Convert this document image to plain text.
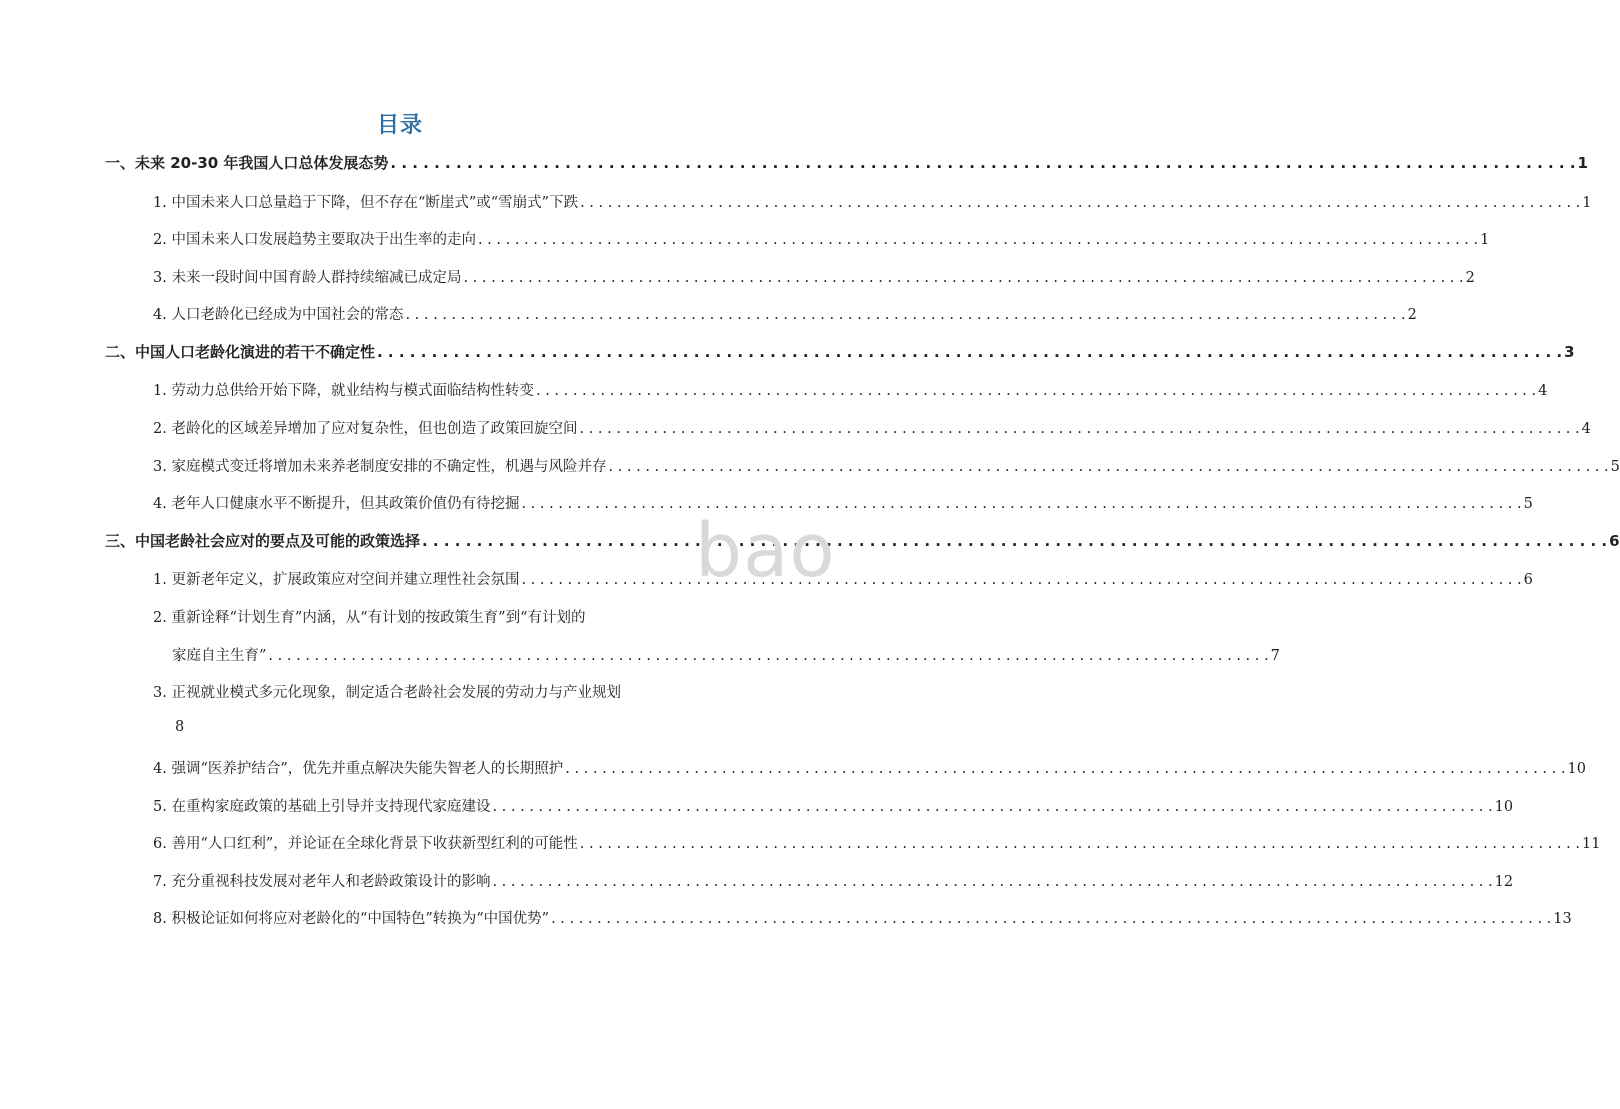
目录
一、未来 20-30 年我国人口总体发展态势 . . .	1
1. 中国未来人口总量趋于下降，但不存在“断崖式”或“雪崩式”下跌 . . .	1
2. 中国未来人口发展趋势主要取决于出生率的走向 . . .	1
3. 未来一段时间中国育龄人群持续缩减已成定局 . . .	2
4. 人口老龄化已经成为中国社会的常态 . . .	2
二、中国人口老龄化演进的若干不确定性 . . .	3
1. 劳动力总供给开始下降，就业结构与模式面临结构性转变 . . .	4
2. 老龄化的区域差异增加了应对复杂性，但也创造了政策回旋空间 . . .	4
3. 家庭模式变迁将增加未来养老制度安排的不确定性，机遇与风险并存 . . .	5
4. 老年人口健康水平不断提升，但其政策价值仍有待挖掘 . . .	5
三、中国老龄社会应对的要点及可能的政策选择 . . .	6
1. 更新老年定义，扩展政策应对空间并建立理性社会氛围 . . .	6
2. 重新诠释“计划生育”内涵，从“有计划的按政策生育”到“有计划的
家庭自主生育” . . .	7
3. 正视就业模式多元化现象，制定适合老龄社会发展的劳动力与产业规划
8
4. 强调“医养护结合”，优先并重点解决失能失智老人的长期照护 . . .	10
5. 在重构家庭政策的基础上引导并支持现代家庭建设 . . .	10
6. 善用“人口红利”，并论证在全球化背景下收获新型红利的可能性 . . .	11
7. 充分重视科技发展对老年人和老龄政策设计的影响 . . .	12
8. 积极论证如何将应对老龄化的“中国特色”转换为“中国优势” . . .	13
bao
